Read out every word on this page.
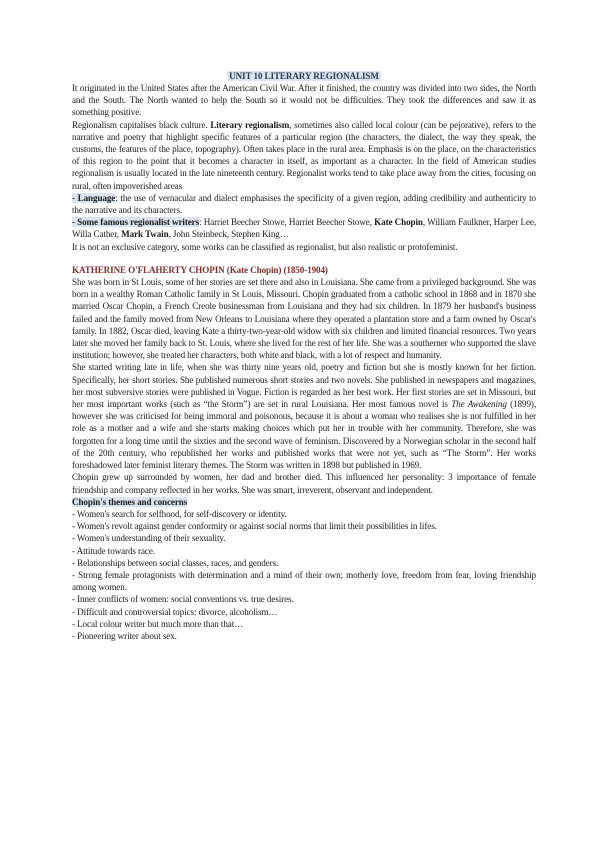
UNIT 10 LITERARY REGIONALISM

It originated in the United States after the American Civil War. After it finished, the country was divided into two sides, the North and the South. The North wanted to help the South so it would not be difficulties. They took the differences and saw it as something positive.

Regionalism capitalises black culture. Literary regionalism, sometimes also called local colour (can be pejorative), refers to the narrative and poetry that highlight specific features of a particular region (the characters, the dialect, the way they speak, the customs, the features of the place, topography). Often takes place in the rural area. Emphasis is on the place, on the characteristics of this region to the point that it becomes a character in itself, as important as a character. In the field of American studies regionalism is usually located in the late nineteenth century. Regionalist works tend to take place away from the cities, focusing on rural, often impoverished areas

- Language: the use of vernacular and dialect emphasises the specificity of a given region, adding credibility and authenticity to the narrative and its characters.

- Some famous regionalist writers: Harriet Beecher Stowe, Harriet Beecher Stowe, Kate Chopin, William Faulkner, Harper Lee, Willa Cather, Mark Twain, John Steinbeck, Stephen King…

It is not an exclusive category, some works can be classified as regionalist, but also realistic or protofeminist.

KATHERINE O'FLAHERTY CHOPIN (Kate Chopin) (1850-1904)

She was born in St Louis, some of her stories are set there and also in Louisiana. She came from a privileged background. She was born in a wealthy Roman Catholic family in St Louis, Missouri. Chopin graduated from a catholic school in 1868 and in 1870 she married Oscar Chopin, a French Creole businessman from Louisiana and they had six children. In 1879 her husband's business failed and the family moved from New Orleans to Louisiana where they operated a plantation store and a farm owned by Oscar's family. In 1882, Oscar died, leaving Kate a thirty-two-year-old widow with six children and limited financial resources. Two years later she moved her family back to St. Louis, where she lived for the rest of her life. She was a southerner who supported the slave institution; however, she treated her characters, both white and black, with a lot of respect and humanity.

She started writing late in life, when she was thirty nine years old, poetry and fiction but she is mostly known for her fiction. Specifically, her short stories. She published numerous short stories and two novels. She published in newspapers and magazines, her most subversive stories were published in Vogue. Fiction is regarded as her best work. Her first stories are set in Missouri, but her most important works (such as “the Storm”) are set in rural Louisiana. Her most famous novel is The Awakening (1899), however she was criticised for being immoral and poisonous, because it is about a woman who realises she is not fulfilled in her role as a mother and a wife and she starts making choices which put her in trouble with her community. Therefore, she was forgotten for a long time until the sixties and the second wave of feminism. Discovered by a Norwegian scholar in the second half of the 20th century, who republished her works and published works that were not yet, such as “The Storm”. Her works foreshadowed later feminist literary themes. The Storm was written in 1898 but published in 1969.

Chopin grew up surrounded by women, her dad and brother died. This influenced her personality: 3 importance of female friendship and company reflected in her works. She was smart, irreverent, observant and independent.

Chopin's themes and concerns

- Women's search for selfhood, for self-discovery or identity.

- Women's revolt against gender conformity or against social norms that limit their possibilities in lifes.

- Women's understanding of their sexuality.

- Attitude towards race.

- Relationships between social classes, races, and genders.

- Strong female protagonists with determination and a mind of their own; motherly love, freedom from fear, loving friendship among women.

- Inner conflicts of women: social conventions vs. true desires.

- Difficult and controversial topics: divorce, alcoholism…

- Local colour writer but much more than that…

- Pioneering writer about sex.
